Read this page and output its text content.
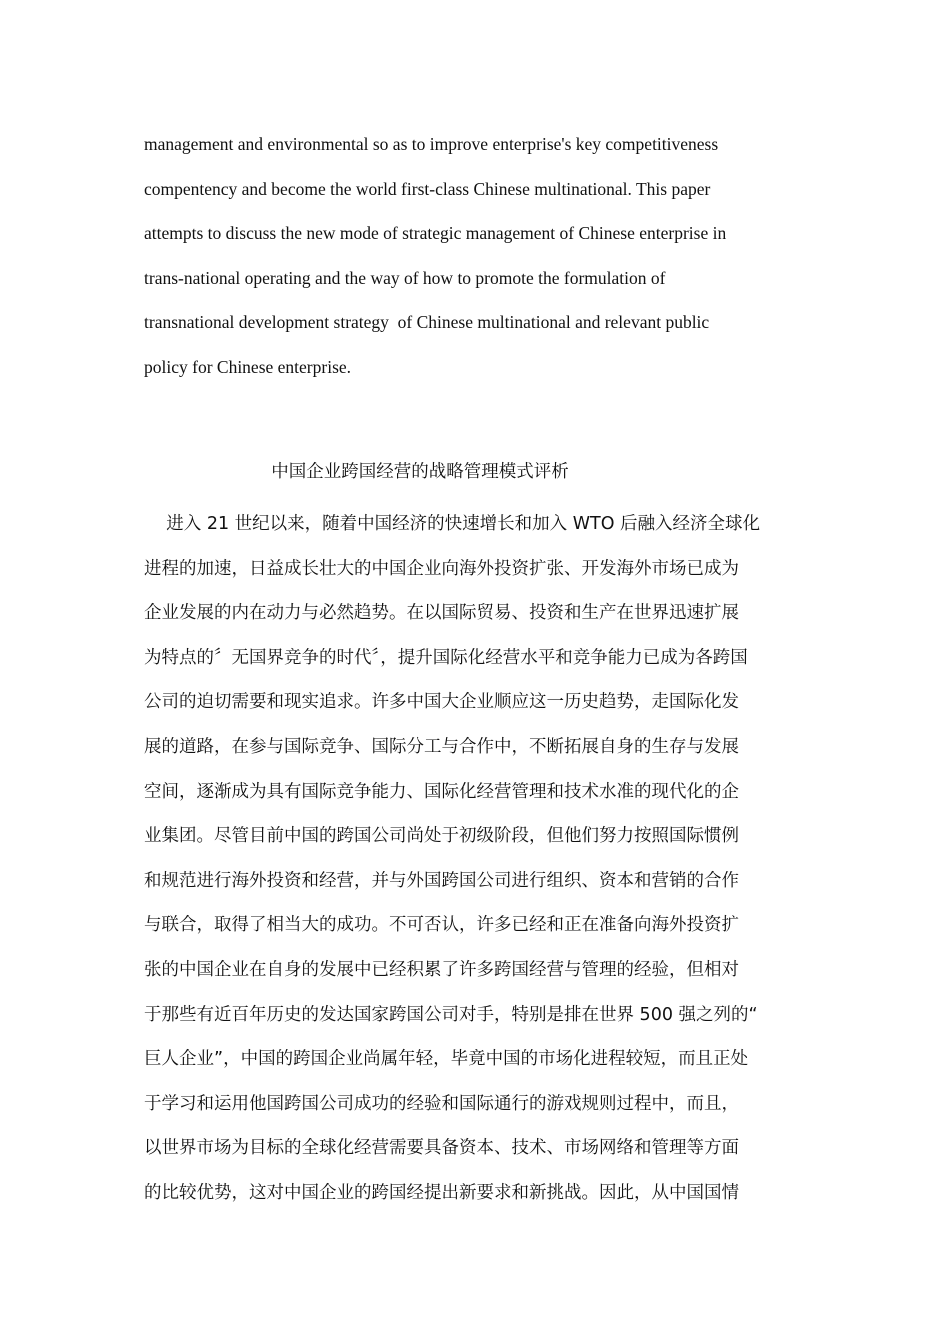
management and environmental so as to improve enterprise's key competitiveness
compentency and become the world first-class Chinese multinational. This paper
attempts to discuss the new mode of strategic management of Chinese enterprise in
trans-national operating and the way of how to promote the formulation of
transnational development strategy  of Chinese multinational and relevant public
policy for Chinese enterprise.
中国企业跨国经营的战略管理模式评析
进入 21 世纪以来，随着中国经济的快速增长和加入 WTO 后融入经济全球化
进程的加速，日益成长壮大的中国企业向海外投资扩张、开发海外市场已成为
企业发展的内在动力与必然趋势。在以国际贸易、投资和生产在世界迅速扩展
为特点的〞无国界竞争的时代〞，提升国际化经营水平和竞争能力已成为各跨国
公司的迫切需要和现实追求。许多中国大企业顺应这一历史趋势，走国际化发
展的道路，在参与国际竞争、国际分工与合作中，不断拓展自身的生存与发展
空间，逐渐成为具有国际竞争能力、国际化经营管理和技术水准的现代化的企
业集团。尽管目前中国的跨国公司尚处于初级阶段，但他们努力按照国际惯例
和规范进行海外投资和经营，并与外国跨国公司进行组织、资本和营销的合作
与联合，取得了相当大的成功。不可否认，许多已经和正在准备向海外投资扩
张的中国企业在自身的发展中已经积累了许多跨国经营与管理的经验，但相对
于那些有近百年历史的发达国家跨国公司对手，特别是排在世界 500 强之列的“
巨人企业”，中国的跨国企业尚属年轻，毕竟中国的市场化进程较短，而且正处
于学习和运用他国跨国公司成功的经验和国际通行的游戏规则过程中，而且，
以世界市场为目标的全球化经营需要具备资本、技术、市场网络和管理等方面
的比较优势，这对中国企业的跨国经提出新要求和新挑战。因此，从中国国情
